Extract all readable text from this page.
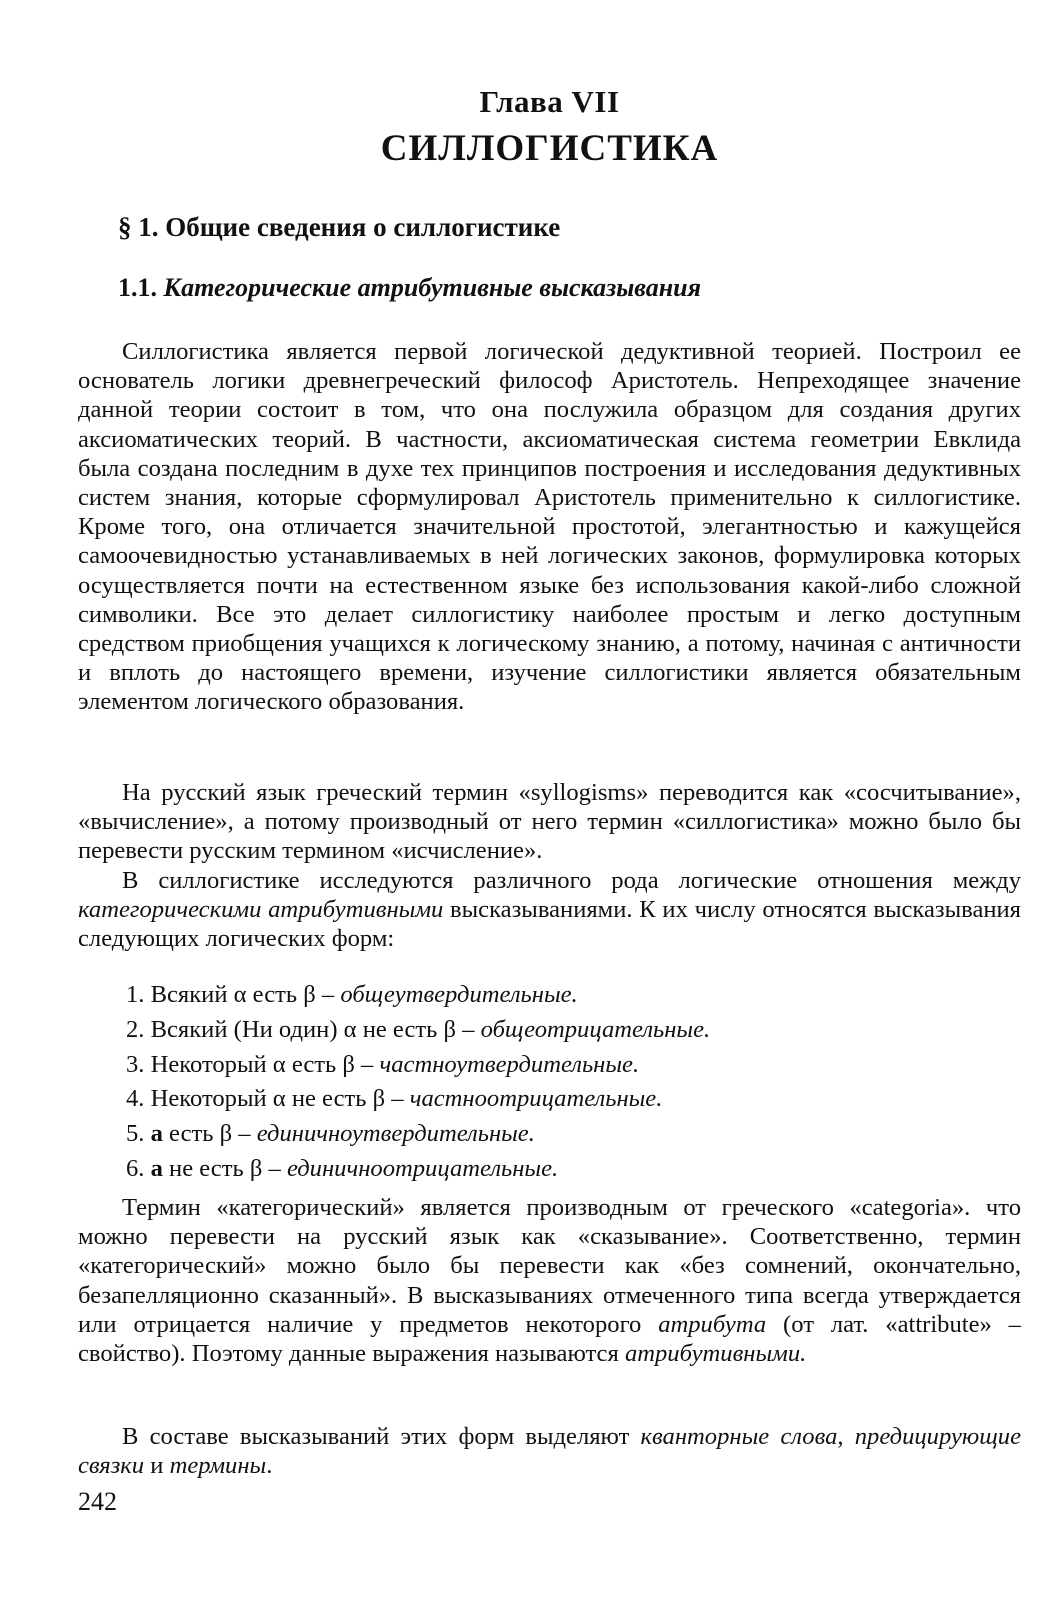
Глава VII
СИЛЛОГИСТИКА
§ 1. Общие сведения о силлогистике
1.1. Категорические атрибутивные высказывания

Силлогистика является первой логической дедуктивной теорией. Построил ее основатель логики древнегреческий философ Аристотель. Непреходящее значение данной теории состоит в том, что она послужила образцом для создания других аксиоматических теорий. В частности, аксиоматическая система геометрии Евклида была создана последним в духе тех принципов построения и исследования дедуктивных систем знания, которые сформулировал Аристотель применительно к силлогистике. Кроме того, она отличается значительной простотой, элегантностью и кажущейся самоочевидностью устанавливаемых в ней логических законов, формулировка которых осуществляется почти на естественном языке без использования какой-либо сложной символики. Все это делает силлогистику наиболее простым и легко доступным средством приобщения учащихся к логическому знанию, а потому, начиная с античности и вплоть до настоящего времени, изучение силлогистики является обязательным элементом логического образования.

На русский язык греческий термин «syllogisms» переводится как «сосчитывание», «вычисление», а потому производный от него термин «силлогистика» можно было бы перевести русским термином «исчисление».

В силлогистике исследуются различного рода логические отношения между категорическими атрибутивными высказываниями. К их числу относятся высказывания следующих логических форм:

1. Всякий α есть β – общеутвердительные.
2. Всякий (Ни один) α не есть β – общеотрицательные.
3. Некоторый α есть β – частноутвердительные.
4. Некоторый α не есть β – частноотрицательные.
5. a есть β – единичноутвердительные.
6. a не есть β – единичноотрицательные.

Термин «категорический» является производным от греческого «categoria». что можно перевести на русский язык как «сказывание». Соответственно, термин «категорический» можно было бы перевести как «без сомнений, окончательно, безапелляционно сказанный». В высказываниях отмеченного типа всегда утверждается или отрицается наличие у предметов некоторого атрибута (от лат. «attribute» – свойство). Поэтому данные выражения называются атрибутивными.

В составе высказываний этих форм выделяют кванторные слова, предицирующие связки и термины.

242
